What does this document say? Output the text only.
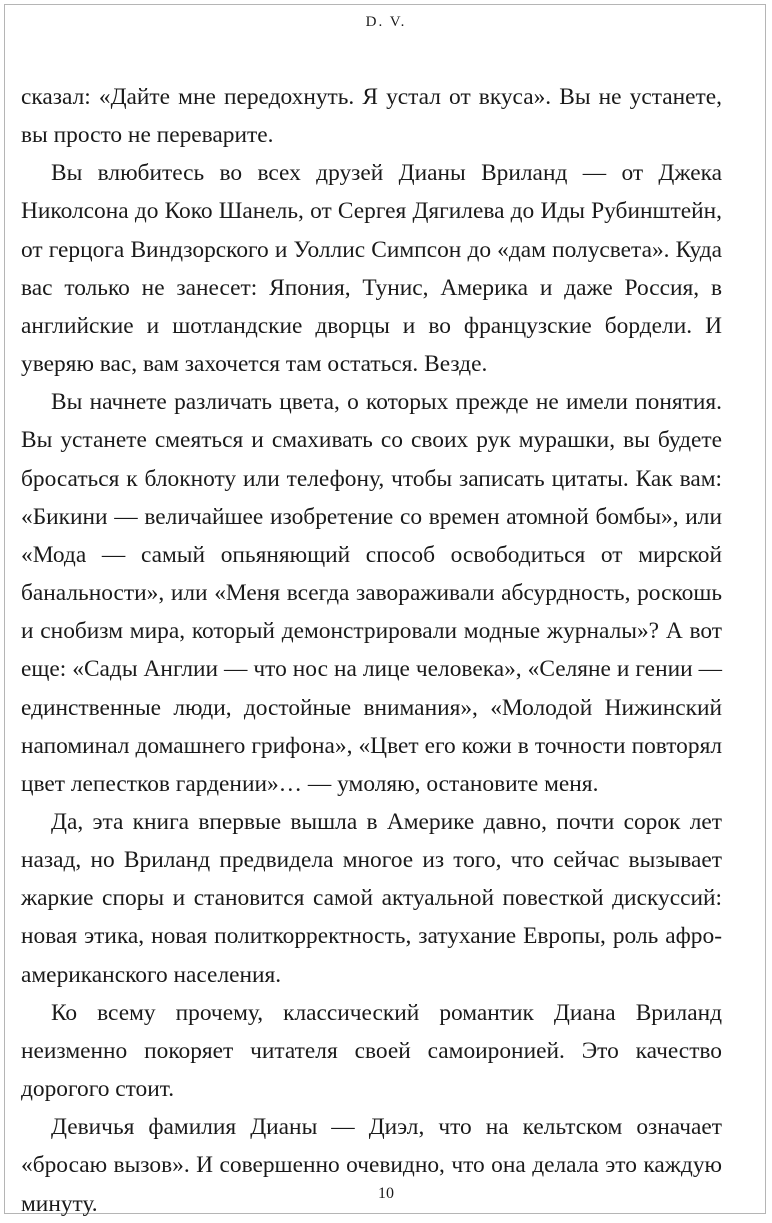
D. V.

сказал: «Дайте мне передохнуть. Я устал от вкуса». Вы не устанете, вы просто не переварите.

Вы влюбитесь во всех друзей Дианы Вриланд — от Джека Николсона до Коко Шанель, от Сергея Дягилева до Иды Рубинштейн, от герцога Виндзорского и Уоллис Симпсон до «дам полусвета». Куда вас только не занесет: Япония, Тунис, Америка и даже Россия, в английские и шотландские дворцы и во французские бордели. И уверяю вас, вам захочется там остаться. Везде.

Вы начнете различать цвета, о которых прежде не имели понятия. Вы устанете смеяться и смахивать со своих рук мурашки, вы будете бросаться к блокноту или телефону, чтобы записать цитаты. Как вам: «Бикини — величайшее изобретение со времен атомной бомбы», или «Мода — самый опьяняющий способ освободиться от мирской банальности», или «Меня всегда завораживали абсурдность, роскошь и снобизм мира, который демонстрировали модные журналы»? А вот еще: «Сады Англии — что нос на лице человека», «Селяне и гении — единственные люди, достойные внимания», «Молодой Нижинский напоминал домашнего грифона», «Цвет его кожи в точности повторял цвет лепестков гардении»… — умоляю, остановите меня.

Да, эта книга впервые вышла в Америке давно, почти сорок лет назад, но Вриланд предвидела многое из того, что сейчас вызывает жаркие споры и становится самой актуальной повесткой дискуссий: новая этика, новая политкорректность, затухание Европы, роль афроамериканского населения.

Ко всему прочему, классический романтик Диана Вриланд неизменно покоряет читателя своей самоиронией. Это качество дорогого стоит.

Девичья фамилия Дианы — Диэл, что на кельтском означает «бросаю вызов». И совершенно очевидно, что она делала это каждую минуту.	10
